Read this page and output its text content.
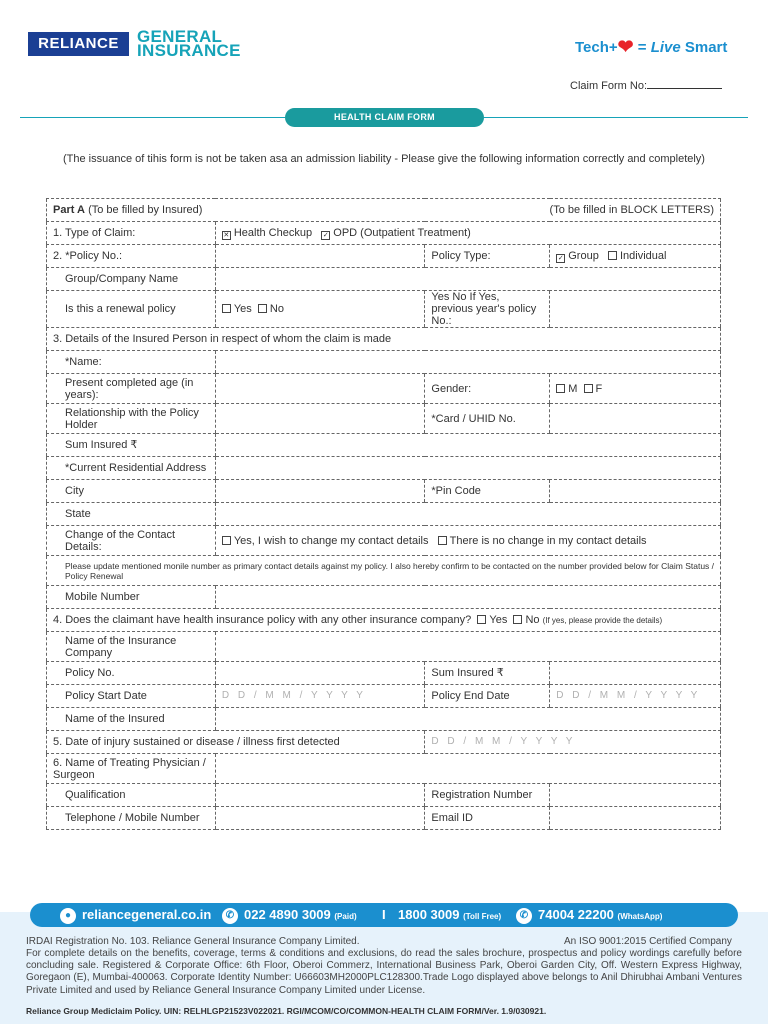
RELIANCE	GENERAL
INSURANCE	Tech+❤ = Live Smart
Claim Form No:
HEALTH CLAIM FORM
(The issuance of tihis form is not be taken asa an admission liability - Please give the following information correctly and completely)
Part A (To be filled by Insured)		(To be filled in BLOCK LETTERS)	
1. Type of Claim:	✕ Health Checkup ✓ OPD (Outpatient Treatment)		
2. *Policy No.:		Policy Type:	✓ Group Individual
Group/Company Name			
Is this a renewal policy	Yes No	Yes No If Yes, previous year's policy No.:	
3. Details of the Insured Person in respect of whom the claim is made			
*Name:			
Present completed age (in years):		Gender:	M F
Relationship with the Policy Holder		*Card / UHID No.	
Sum Insured ₹			
*Current Residential Address			
City		*Pin Code	
State			
Change of the Contact Details:	Yes, I wish to change my contact details There is no change in my contact details		
Please update mentioned monile number as primary contact details against my policy. I also hereby confirm to be contacted on the number provided below for Claim Status / Policy Renewal			
Mobile Number			
4. Does the claimant have health insurance policy with any other insurance company? Yes No (If yes, please provide the details)			
Name of the Insurance Company			
Policy No.		Sum Insured ₹	
Policy Start Date	D D / M M / Y Y Y Y	Policy End Date	D D / M M / Y Y Y Y
Name of the Insured			
5. Date of injury sustained or disease / illness first detected		D D / M M / Y Y Y Y	
6. Name of Treating Physician / Surgeon			
Qualification		Registration Number	
Telephone / Mobile Number		Email ID	
● reliancegeneral.co.in	✆ 022 4890 3009 (Paid) I 1800 3009 (Toll Free)	✆ 74004 22200 (WhatsApp)
IRDAI Registration No. 103. Reliance General Insurance Company Limited.	An ISO 9001:2015 Certified Company
For complete details on the benefits, coverage, terms & conditions and exclusions, do read the sales brochure, prospectus and policy wordings carefully before concluding sale. Registered & Corporate Office: 6th Floor, Oberoi Commerz, International Business Park, Oberoi Garden City, Off. Western Express Highway, Goregaon (E), Mumbai-400063. Corporate Identity Number: U66603MH2000PLC128300.Trade Logo displayed above belongs to Anil Dhirubhai Ambani Ventures Private Limited and used by Reliance General Insurance Company Limited under License.
Reliance Group Mediclaim Policy. UIN: RELHLGP21523V022021. RGI/MCOM/CO/COMMON-HEALTH CLAIM FORM/Ver. 1.9/030921.
